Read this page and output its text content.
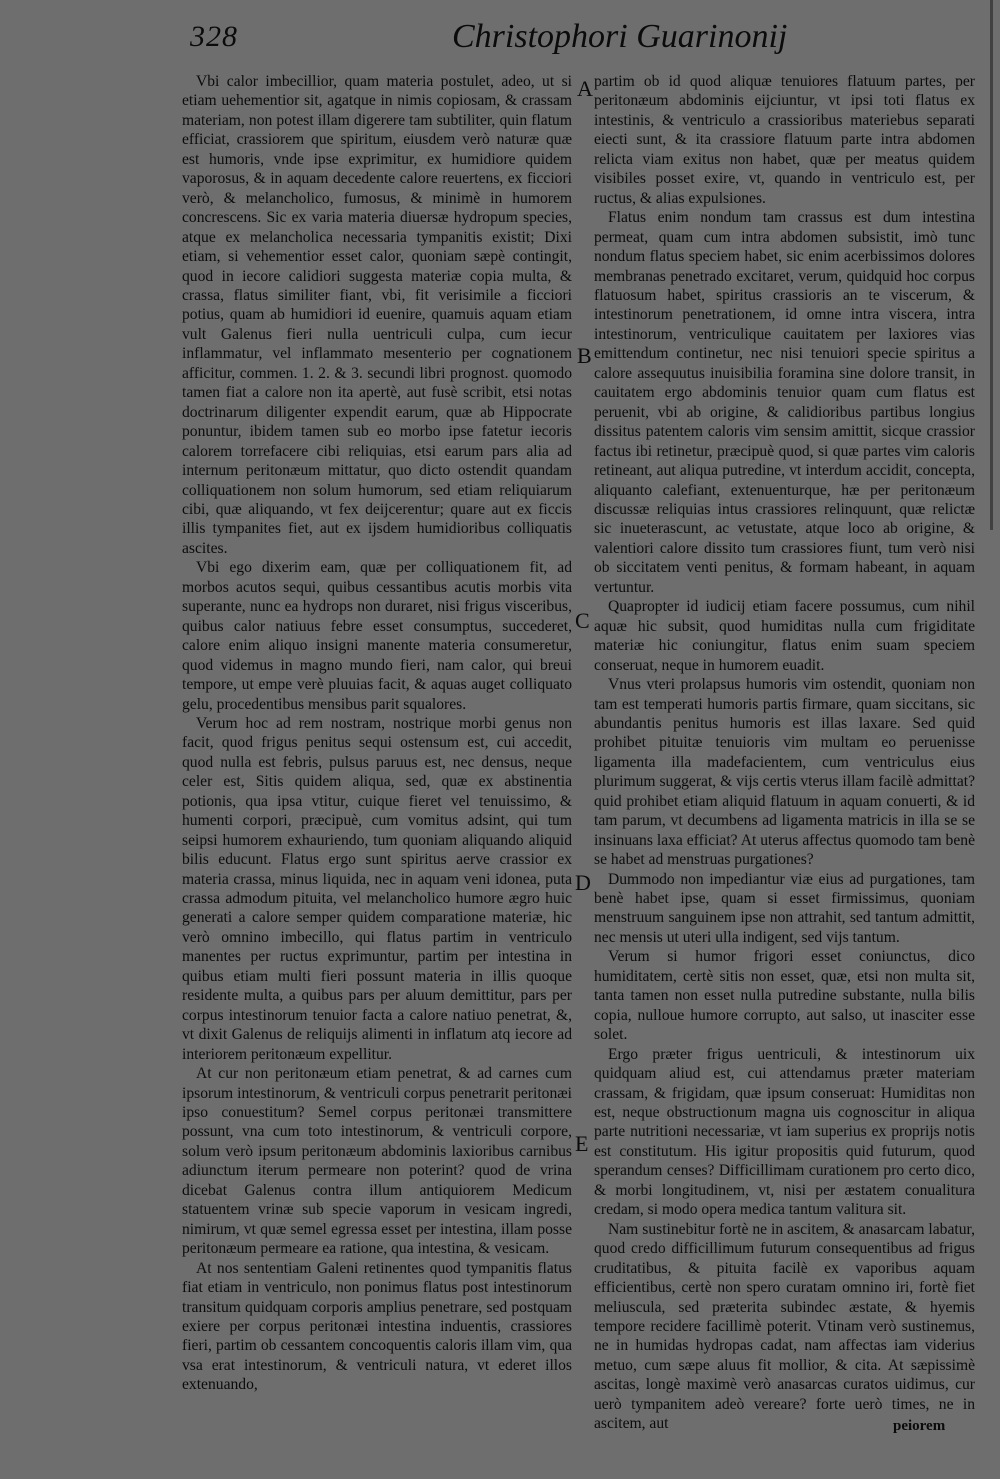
328	Christophori Guarinonij

Vbi calor imbecillior, quam materia postulet, adeo, ut si etiam uehementior sit, agatque in nimis copiosam, & crassam materiam, non potest illam digerere tam subtiliter, quin flatum efficiat, crassiorem que spiritum, eiusdem verò naturæ quæ est humoris, vnde ipse exprimitur, ex humidiore quidem vaporosus, & in aquam decedente calore reuertens, ex ficciori verò, & melancholico, fumosus, & minimè in humorem concrescens. Sic ex varia materia diuersæ hydropum species, atque ex melancholica necessaria tympanitis existit; Dixi etiam, si vehementior esset calor, quoniam sæpè contingit, quod in iecore calidiori suggesta materiæ copia multa, & crassa, flatus similiter fiant, vbi, fit verisimile a ficciori potius, quam ab humidiori id euenire, quamuis aquam etiam vult Galenus fieri nulla uentriculi culpa, cum iecur inflammatur, vel inflammato mesenterio per cognationem afficitur, commen. 1. 2. & 3. secundi libri prognost. quomodo tamen fiat a calore non ita apertè, aut fusè scribit, etsi notas doctrinarum diligenter expendit earum, quæ ab Hippocrate ponuntur, ibidem tamen sub eo morbo ipse fatetur iecoris calorem torrefacere cibi reliquias, etsi earum pars alia ad internum peritonæum mittatur, quo dicto ostendit quandam colliquationem non solum humorum, sed etiam reliquiarum cibi, quæ aliquando, vt fex deijcerentur; quare aut ex ficcis illis tympanites fiet, aut ex ijsdem humidioribus colliquatis ascites.

Vbi ego dixerim eam, quæ per colliquationem fit, ad morbos acutos sequi, quibus cessantibus acutis morbis vita superante, nunc ea hydrops non duraret, nisi frigus visceribus, quibus calor natiuus febre esset consumptus, succederet, calore enim aliquo insigni manente materia consumeretur, quod videmus in magno mundo fieri, nam calor, qui breui tempore, ut empe verè pluuias facit, & aquas auget colliquato gelu, procedentibus mensibus parit squalores.

Verum hoc ad rem nostram, nostrique morbi genus non facit, quod frigus penitus sequi ostensum est, cui accedit, quod nulla est febris, pulsus paruus est, nec densus, neque celer est, Sitis quidem aliqua, sed, quæ ex abstinentia potionis, qua ipsa vtitur, cuique fieret vel tenuissimo, & humenti corpori, præcipuè, cum vomitus adsint, qui tum seipsi humorem exhauriendo, tum quoniam aliquando aliquid bilis educunt. Flatus ergo sunt spiritus aerve crassior ex materia crassa, minus liquida, nec in aquam veni idonea, puta crassa admodum pituita, vel melancholico humore ægro huic generati a calore semper quidem comparatione materiæ, hic verò omnino imbecillo, qui flatus partim in ventriculo manentes per ructus exprimuntur, partim per intestina in quibus etiam multi fieri possunt materia in illis quoque residente multa, a quibus pars per aluum demittitur, pars per corpus intestinorum tenuior facta a calore natiuo penetrat, &, vt dixit Galenus de reliquijs alimenti in inflatum atq iecore ad interiorem peritonæum expellitur.

At cur non peritonæum etiam penetrat, & ad carnes cum ipsorum intestinorum, & ventriculi corpus penetrarit peritonæi ipso conuestitum? Semel corpus peritonæi transmittere possunt, vna cum toto intestinorum, & ventriculi corpore, solum verò ipsum peritonæum abdominis laxioribus carnibus adiunctum iterum permeare non poterint? quod de vrina dicebat Galenus contra illum antiquiorem Medicum statuentem vrinæ sub specie vaporum in vesicam ingredi, nimirum, vt quæ semel egressa esset per intestina, illam posse peritonæum permeare ea ratione, qua intestina, & vesicam.

At nos sententiam Galeni retinentes quod tympanitis flatus fiat etiam in ventriculo, non ponimus flatus post intestinorum transitum quidquam corporis amplius penetrare, sed postquam exiere per corpus peritonæi intestina induentis, crassiores fieri, partim ob cessantem concoquentis caloris illam vim, qua vsa erat intestinorum, & ventriculi natura, vt ederet illos extenuando,

partim ob id quod aliquæ tenuiores flatuum partes, per peritonæum abdominis eijciuntur, vt ipsi toti flatus ex intestinis, & ventriculo a crassioribus materiebus separati eiecti sunt, & ita crassiore flatuum parte intra abdomen relicta viam exitus non habet, quæ per meatus quidem visibiles posset exire, vt, quando in ventriculo est, per ructus, & alias expulsiones.

Flatus enim nondum tam crassus est dum intestina permeat, quam cum intra abdomen subsistit, imò tunc nondum flatus speciem habet, sic enim acerbissimos dolores membranas penetrado excitaret, verum, quidquid hoc corpus flatuosum habet, spiritus crassioris an te viscerum, & intestinorum penetrationem, id omne intra viscera, intra intestinorum, ventriculique cauitatem per laxiores vias emittendum continetur, nec nisi tenuiori specie spiritus a calore assequutus inuisibilia foramina sine dolore transit, in cauitatem ergo abdominis tenuior quam cum flatus est peruenit, vbi ab origine, & calidioribus partibus longius dissitus patentem caloris vim sensim amittit, sicque crassior factus ibi retinetur, præcipuè quod, si quæ partes vim caloris retineant, aut aliqua putredine, vt interdum accidit, concepta, aliquanto calefiant, extenuenturque, hæ per peritonæum discussæ reliquias intus crassiores relinquunt, quæ relictæ sic inueterascunt, ac vetustate, atque loco ab origine, & valentiori calore dissito tum crassiores fiunt, tum verò nisi ob siccitatem venti penitus, & formam habeant, in aquam vertuntur.

Quapropter id iudicij etiam facere possumus, cum nihil aquæ hic subsit, quod humiditas nulla cum frigiditate materiæ hic coniungitur, flatus enim suam speciem conseruat, neque in humorem euadit.

Vnus vteri prolapsus humoris vim ostendit, quoniam non tam est temperati humoris partis firmare, quam siccitans, sic abundantis penitus humoris est illas laxare. Sed quid prohibet pituitæ tenuioris vim multam eo peruenisse ligamenta illa madefacientem, cum ventriculus eius plurimum suggerat, & vijs certis vterus illam facilè admittat? quid prohibet etiam aliquid flatuum in aquam conuerti, & id tam parum, vt decumbens ad ligamenta matricis in illa se se insinuans laxa efficiat? At uterus affectus quomodo tam benè se habet ad menstruas purgationes?

Dummodo non impediantur viæ eius ad purgationes, tam benè habet ipse, quam si esset firmissimus, quoniam menstruum sanguinem ipse non attrahit, sed tantum admittit, nec mensis ut uteri ulla indigent, sed vijs tantum.

Verum si humor frigori esset coniunctus, dico humiditatem, certè sitis non esset, quæ, etsi non multa sit, tanta tamen non esset nulla putredine substante, nulla bilis copia, nulloue humore corrupto, aut salso, ut inasciter esse solet.

Ergo præter frigus uentriculi, & intestinorum uix quidquam aliud est, cui attendamus præter materiam crassam, & frigidam, quæ ipsum conseruat: Humiditas non est, neque obstructionum magna uis cognoscitur in aliqua parte nutritioni necessariæ, vt iam superius ex proprijs notis est constitutum. His igitur propositis quid futurum, quod sperandum censes? Difficillimam curationem pro certo dico, & morbi longitudinem, vt, nisi per æstatem conualitura credam, si modo opera medica tantum valitura sit.

Nam sustinebitur fortè ne in ascitem, & anasarcam labatur, quod credo difficillimum futurum consequentibus ad frigus cruditatibus, & pituita facilè ex vaporibus aquam efficientibus, certè non spero curatam omnino iri, fortè fiet meliuscula, sed præterita subindec æstate, & hyemis tempore recidere facillimè poterit. Vtinam verò sustinemus, ne in humidas hydropas cadat, nam affectas iam viderius metuo, cum sæpe aluus fit mollior, & cita. At sæpissimè ascitas, longè maximè verò anasarcas curatos uidimus, cur uerò tympanitem adeò vereare? forte uerò times, ne in ascitem, aut

A
B
C
D
E
peiorem
